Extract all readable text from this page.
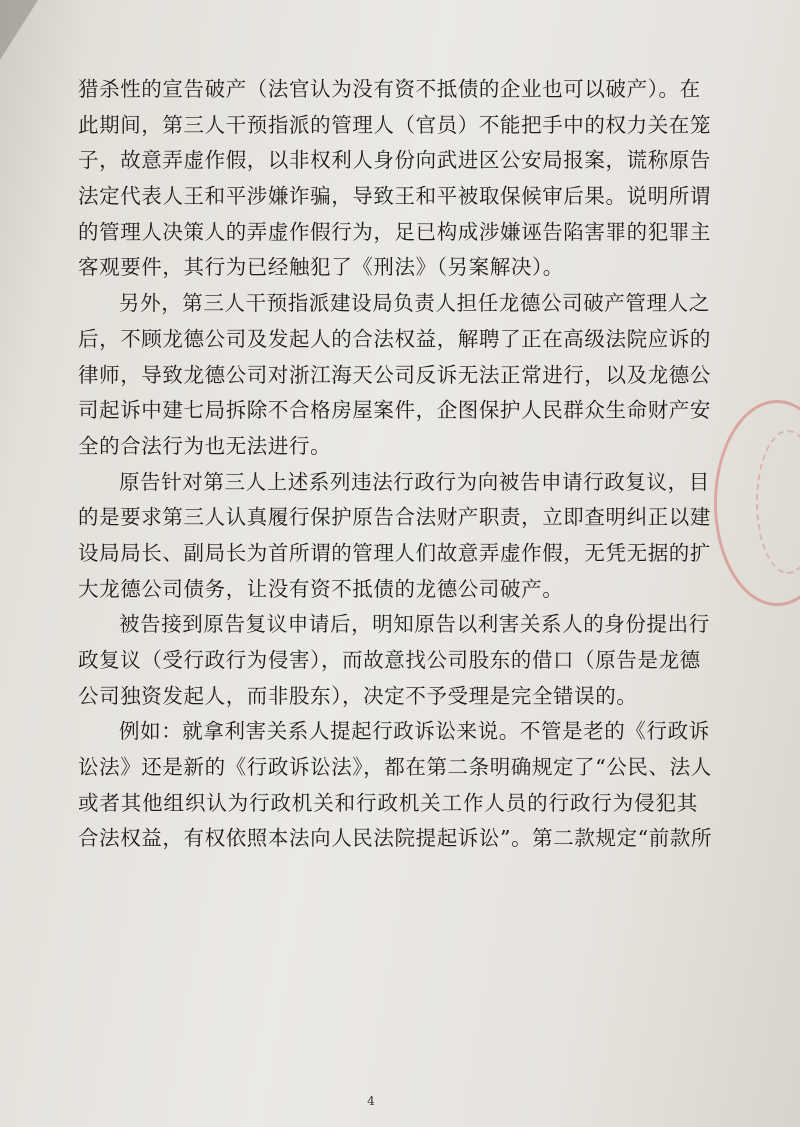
猎杀性的宣告破产（法官认为没有资不抵债的企业也可以破产）。在
此期间，第三人干预指派的管理人（官员）不能把手中的权力关在笼
子，故意弄虚作假，以非权利人身份向武进区公安局报案，谎称原告
法定代表人王和平涉嫌诈骗，导致王和平被取保候审后果。说明所谓
的管理人决策人的弄虚作假行为，足已构成涉嫌诬告陷害罪的犯罪主
客观要件，其行为已经触犯了《刑法》（另案解决）。
另外，第三人干预指派建设局负责人担任龙德公司破产管理人之
后，不顾龙德公司及发起人的合法权益，解聘了正在高级法院应诉的
律师，导致龙德公司对浙江海天公司反诉无法正常进行，以及龙德公
司起诉中建七局拆除不合格房屋案件，企图保护人民群众生命财产安
全的合法行为也无法进行。
原告针对第三人上述系列违法行政行为向被告申请行政复议，目
的是要求第三人认真履行保护原告合法财产职责，立即查明纠正以建
设局局长、副局长为首所谓的管理人们故意弄虚作假，无凭无据的扩
大龙德公司债务，让没有资不抵债的龙德公司破产。
被告接到原告复议申请后，明知原告以利害关系人的身份提出行
政复议（受行政行为侵害），而故意找公司股东的借口（原告是龙德
公司独资发起人，而非股东），决定不予受理是完全错误的。
例如：就拿利害关系人提起行政诉讼来说。不管是老的《行政诉
讼法》还是新的《行政诉讼法》，都在第二条明确规定了“公民、法人
或者其他组织认为行政机关和行政机关工作人员的行政行为侵犯其
合法权益，有权依照本法向人民法院提起诉讼”。第二款规定“前款所
4
